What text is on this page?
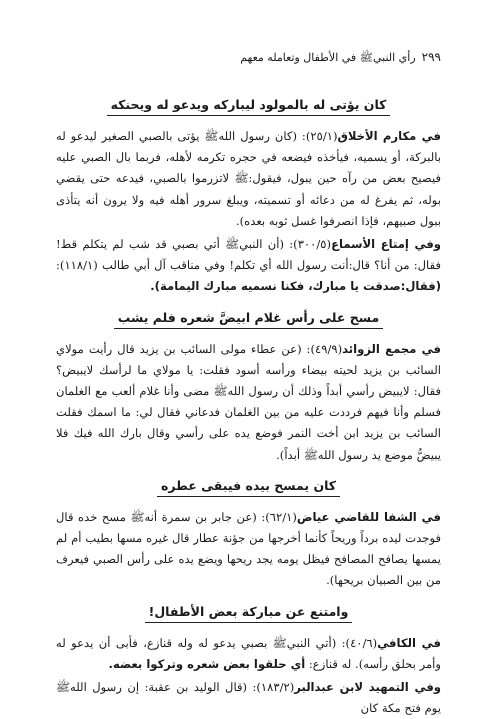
٢٩٩
رأي النبيﷺ في الأطفال وتعامله معهم
كان يؤتى له بالمولود ليباركه ويدعو له ويحنكه

في مكارم الأخلاق(٢٥/١): (كان رسول اللهﷺ يؤتى بالصبي الصغير ليدعو له بالبركة، أو يسميه، فيأخذه فيضعه في حجره تكرمه لأهله، فربما بال الصبي عليه فيصيح بعض من رآه حين يبول، فيقول:ﷺ لاتزرموا بالصبي، فيدعه حتى يقضي بوله، ثم يفرغ له من دعائه أو تسميته، ويبلغ سرور أهله فيه ولا يرون أنه يتأذى ببول صبيهم، فإذا انصرفوا غسل ثوبه بعده).

وفي إمتاع الأسماع(٣٠٠/٥): (أن النبيﷺ أتي بصبي قد شب لم يتكلم قط! فقال: من أنا؟ قال:أنت رسول الله أي تكلم! وفي مناقب آل أبي طالب (١١٨/١): (فقال:صدقت يا مبارك، فكنا نسميه مبارك اليمامة).

مسح على رأس غلام ابيضَّ شعره فلم يشب

في مجمع الزوائد(٤٩/٩): (عن عطاء مولى السائب بن يزيد قال رأيت مولاي السائب بن يزيد لحيته بيضاء ورأسه أسود فقلت: يا مولاي ما لرأسك لايبيض؟ فقال: لايبيض رأسي أبداً وذلك أن رسول اللهﷺ مضى وأنا غلام ألعب مع الغلمان فسلم وأنا فيهم فرددت عليه من بين الغلمان فدعاني فقال لي: ما اسمك فقلت السائب بن يزيد ابن أخت النمر فوضع يده على رأسي وقال بارك الله فيك فلا يبيضُّ موضع يد رسول اللهﷺ أبداً).

كان يمسح بيده فيبقى عطره

في الشفا للقاضي عياض(٦٢/١): (عن جابر بن سمرة أنهﷺ مسح خده قال فوجدت ليده برداً وريحاً كأنما أخرجها من جؤنة عطار قال غيره مسها بطيب أم لم يمسها يصافح المصافح فيظل يومه يجد ريحها ويضع يده على رأس الصبي فيعرف من بين الصبيان بريحها).

وامتنع عن مباركة بعض الأطفال!

في الكافي(٤٠/٦): (أتي النبيﷺ بصبي يدعو له وله قنازع، فأبى أن يدعو له وأمر بحلق رأسه). له قنازع: أي حلقوا بعض شعره وتركوا بعضه.

وفي التمهيد لابن عبدالبر(١٨٣/٢): (قال الوليد بن عقبة: إن رسول اللهﷺ يوم فتح مكة كان
